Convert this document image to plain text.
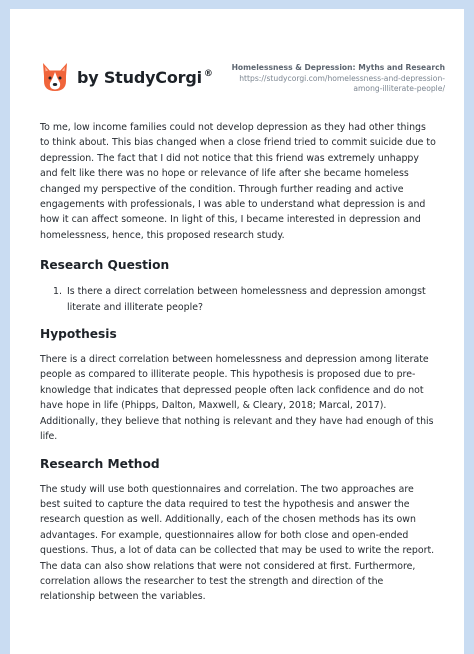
by StudyCorgi ®
Homelessness & Depression: Myths and Research
https://studycorgi.com/homelessness-and-depression-
among-illiterate-people/

To me, low income families could not develop depression as they had other things to think about. This bias changed when a close friend tried to commit suicide due to depression. The fact that I did not notice that this friend was extremely unhappy and felt like there was no hope or relevance of life after she became homeless changed my perspective of the condition. Through further reading and active engagements with professionals, I was able to understand what depression is and how it can affect someone. In light of this, I became interested in depression and homelessness, hence, this proposed research study.

Research Question
1. Is there a direct correlation between homelessness and depression amongst literate and illiterate people?
Hypothesis

There is a direct correlation between homelessness and depression among literate people as compared to illiterate people. This hypothesis is proposed due to pre-knowledge that indicates that depressed people often lack confidence and do not have hope in life (Phipps, Dalton, Maxwell, & Cleary, 2018; Marcal, 2017). Additionally, they believe that nothing is relevant and they have had enough of this life.

Research Method

The study will use both questionnaires and correlation. The two approaches are best suited to capture the data required to test the hypothesis and answer the research question as well. Additionally, each of the chosen methods has its own advantages. For example, questionnaires allow for both close and open-ended questions. Thus, a lot of data can be collected that may be used to write the report. The data can also show relations that were not considered at first. Furthermore, correlation allows the researcher to test the strength and direction of the relationship between the variables.
